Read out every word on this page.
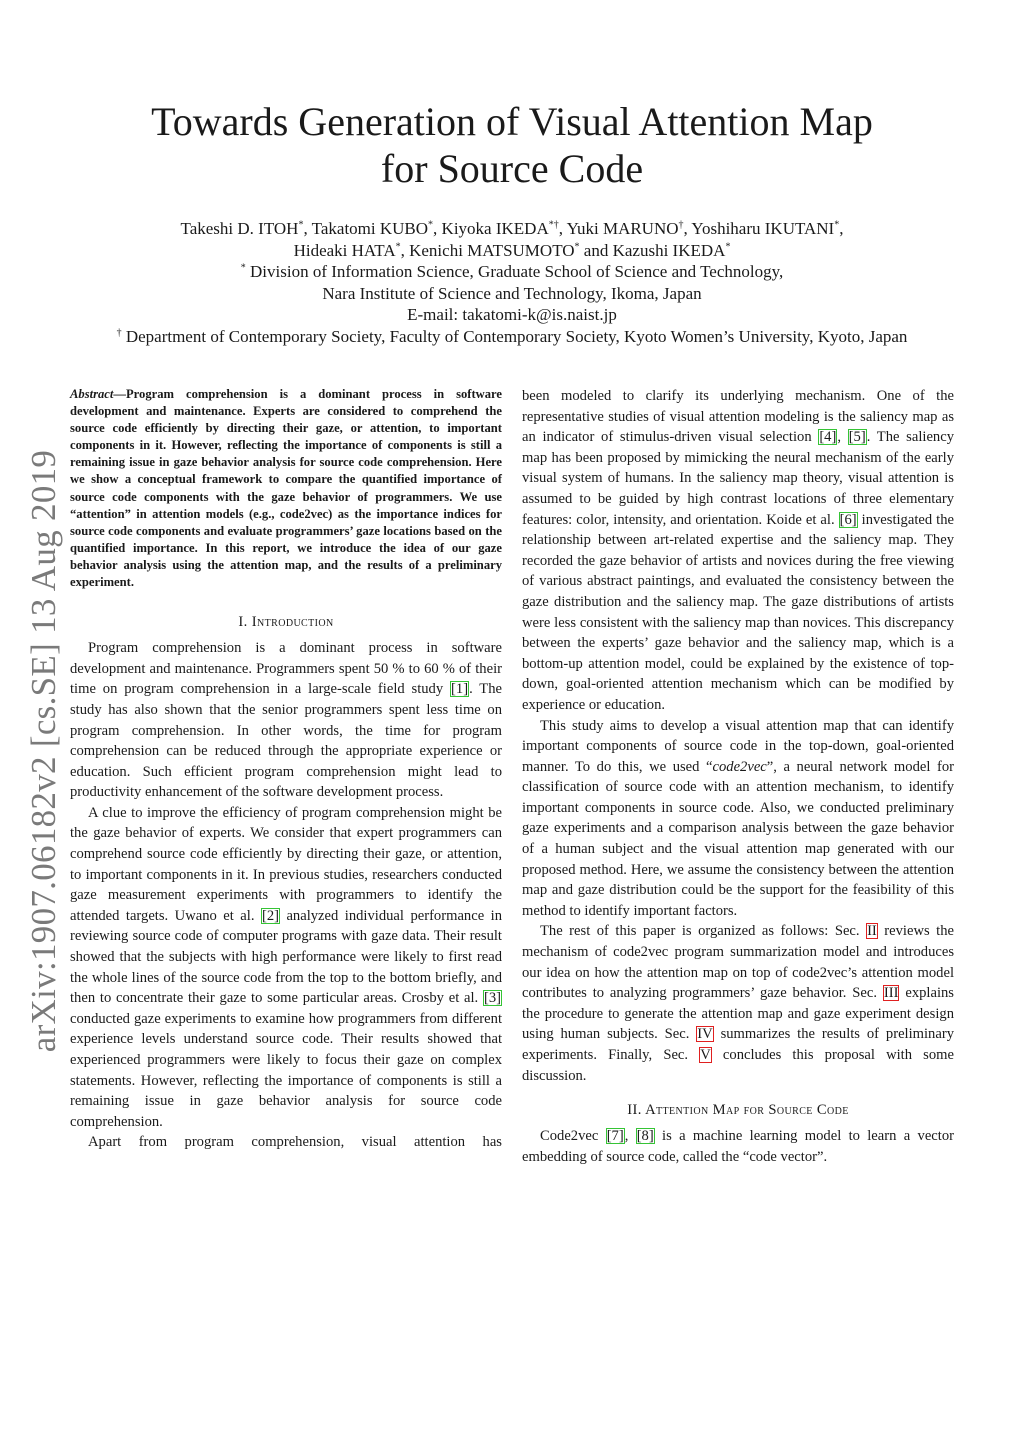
arXiv:1907.06182v2 [cs.SE] 13 Aug 2019
Towards Generation of Visual Attention Map
for Source Code
Takeshi D. ITOH*, Takatomi KUBO*, Kiyoka IKEDA*†, Yuki MARUNO†, Yoshiharu IKUTANI*,
Hideaki HATA*, Kenichi MATSUMOTO* and Kazushi IKEDA*
* Division of Information Science, Graduate School of Science and Technology,
Nara Institute of Science and Technology, Ikoma, Japan
E-mail: takatomi-k@is.naist.jp
† Department of Contemporary Society, Faculty of Contemporary Society, Kyoto Women’s University, Kyoto, Japan

Abstract—Program comprehension is a dominant process in software development and maintenance. Experts are considered to comprehend the source code efficiently by directing their gaze, or attention, to important components in it. However, reflecting the importance of components is still a remaining issue in gaze behavior analysis for source code comprehension. Here we show a conceptual framework to compare the quantified importance of source code components with the gaze behavior of programmers. We use “attention” in attention models (e.g., code2vec) as the importance indices for source code components and evaluate programmers’ gaze locations based on the quantified importance. In this report, we introduce the idea of our gaze behavior analysis using the attention map, and the results of a preliminary experiment.

I. Introduction

Program comprehension is a dominant process in software development and maintenance. Programmers spent 50 % to 60 % of their time on program comprehension in a large-scale field study [1]. The study has also shown that the senior programmers spent less time on program comprehension. In other words, the time for program comprehension can be reduced through the appropriate experience or education. Such efficient program comprehension might lead to productivity enhancement of the software development process.

A clue to improve the efficiency of program comprehension might be the gaze behavior of experts. We consider that expert programmers can comprehend source code efficiently by directing their gaze, or attention, to important components in it. In previous studies, researchers conducted gaze measurement experiments with programmers to identify the attended targets. Uwano et al. [2] analyzed individual performance in reviewing source code of computer programs with gaze data. Their result showed that the subjects with high performance were likely to first read the whole lines of the source code from the top to the bottom briefly, and then to concentrate their gaze to some particular areas. Crosby et al. [3] conducted gaze experiments to examine how programmers from different experience levels understand source code. Their results showed that experienced programmers were likely to focus their gaze on complex statements. However, reflecting the importance of components is still a remaining issue in gaze behavior analysis for source code comprehension.

Apart from program comprehension, visual attention has

been modeled to clarify its underlying mechanism. One of the representative studies of visual attention modeling is the saliency map as an indicator of stimulus-driven visual selection [4], [5]. The saliency map has been proposed by mimicking the neural mechanism of the early visual system of humans. In the saliency map theory, visual attention is assumed to be guided by high contrast locations of three elementary features: color, intensity, and orientation. Koide et al. [6] investigated the relationship between art-related expertise and the saliency map. They recorded the gaze behavior of artists and novices during the free viewing of various abstract paintings, and evaluated the consistency between the gaze distribution and the saliency map. The gaze distributions of artists were less consistent with the saliency map than novices. This discrepancy between the experts’ gaze behavior and the saliency map, which is a bottom-up attention model, could be explained by the existence of top-down, goal-oriented attention mechanism which can be modified by experience or education.

This study aims to develop a visual attention map that can identify important components of source code in the top-down, goal-oriented manner. To do this, we used “code2vec”, a neural network model for classification of source code with an attention mechanism, to identify important components in source code. Also, we conducted preliminary gaze experiments and a comparison analysis between the gaze behavior of a human subject and the visual attention map generated with our proposed method. Here, we assume the consistency between the attention map and gaze distribution could be the support for the feasibility of this method to identify important factors.

The rest of this paper is organized as follows: Sec. II reviews the mechanism of code2vec program summarization model and introduces our idea on how the attention map on top of code2vec’s attention model contributes to analyzing programmers’ gaze behavior. Sec. III explains the procedure to generate the attention map and gaze experiment design using human subjects. Sec. IV summarizes the results of preliminary experiments. Finally, Sec. V concludes this proposal with some discussion.

II. Attention Map for Source Code

Code2vec [7], [8] is a machine learning model to learn a vector embedding of source code, called the “code vector”.
